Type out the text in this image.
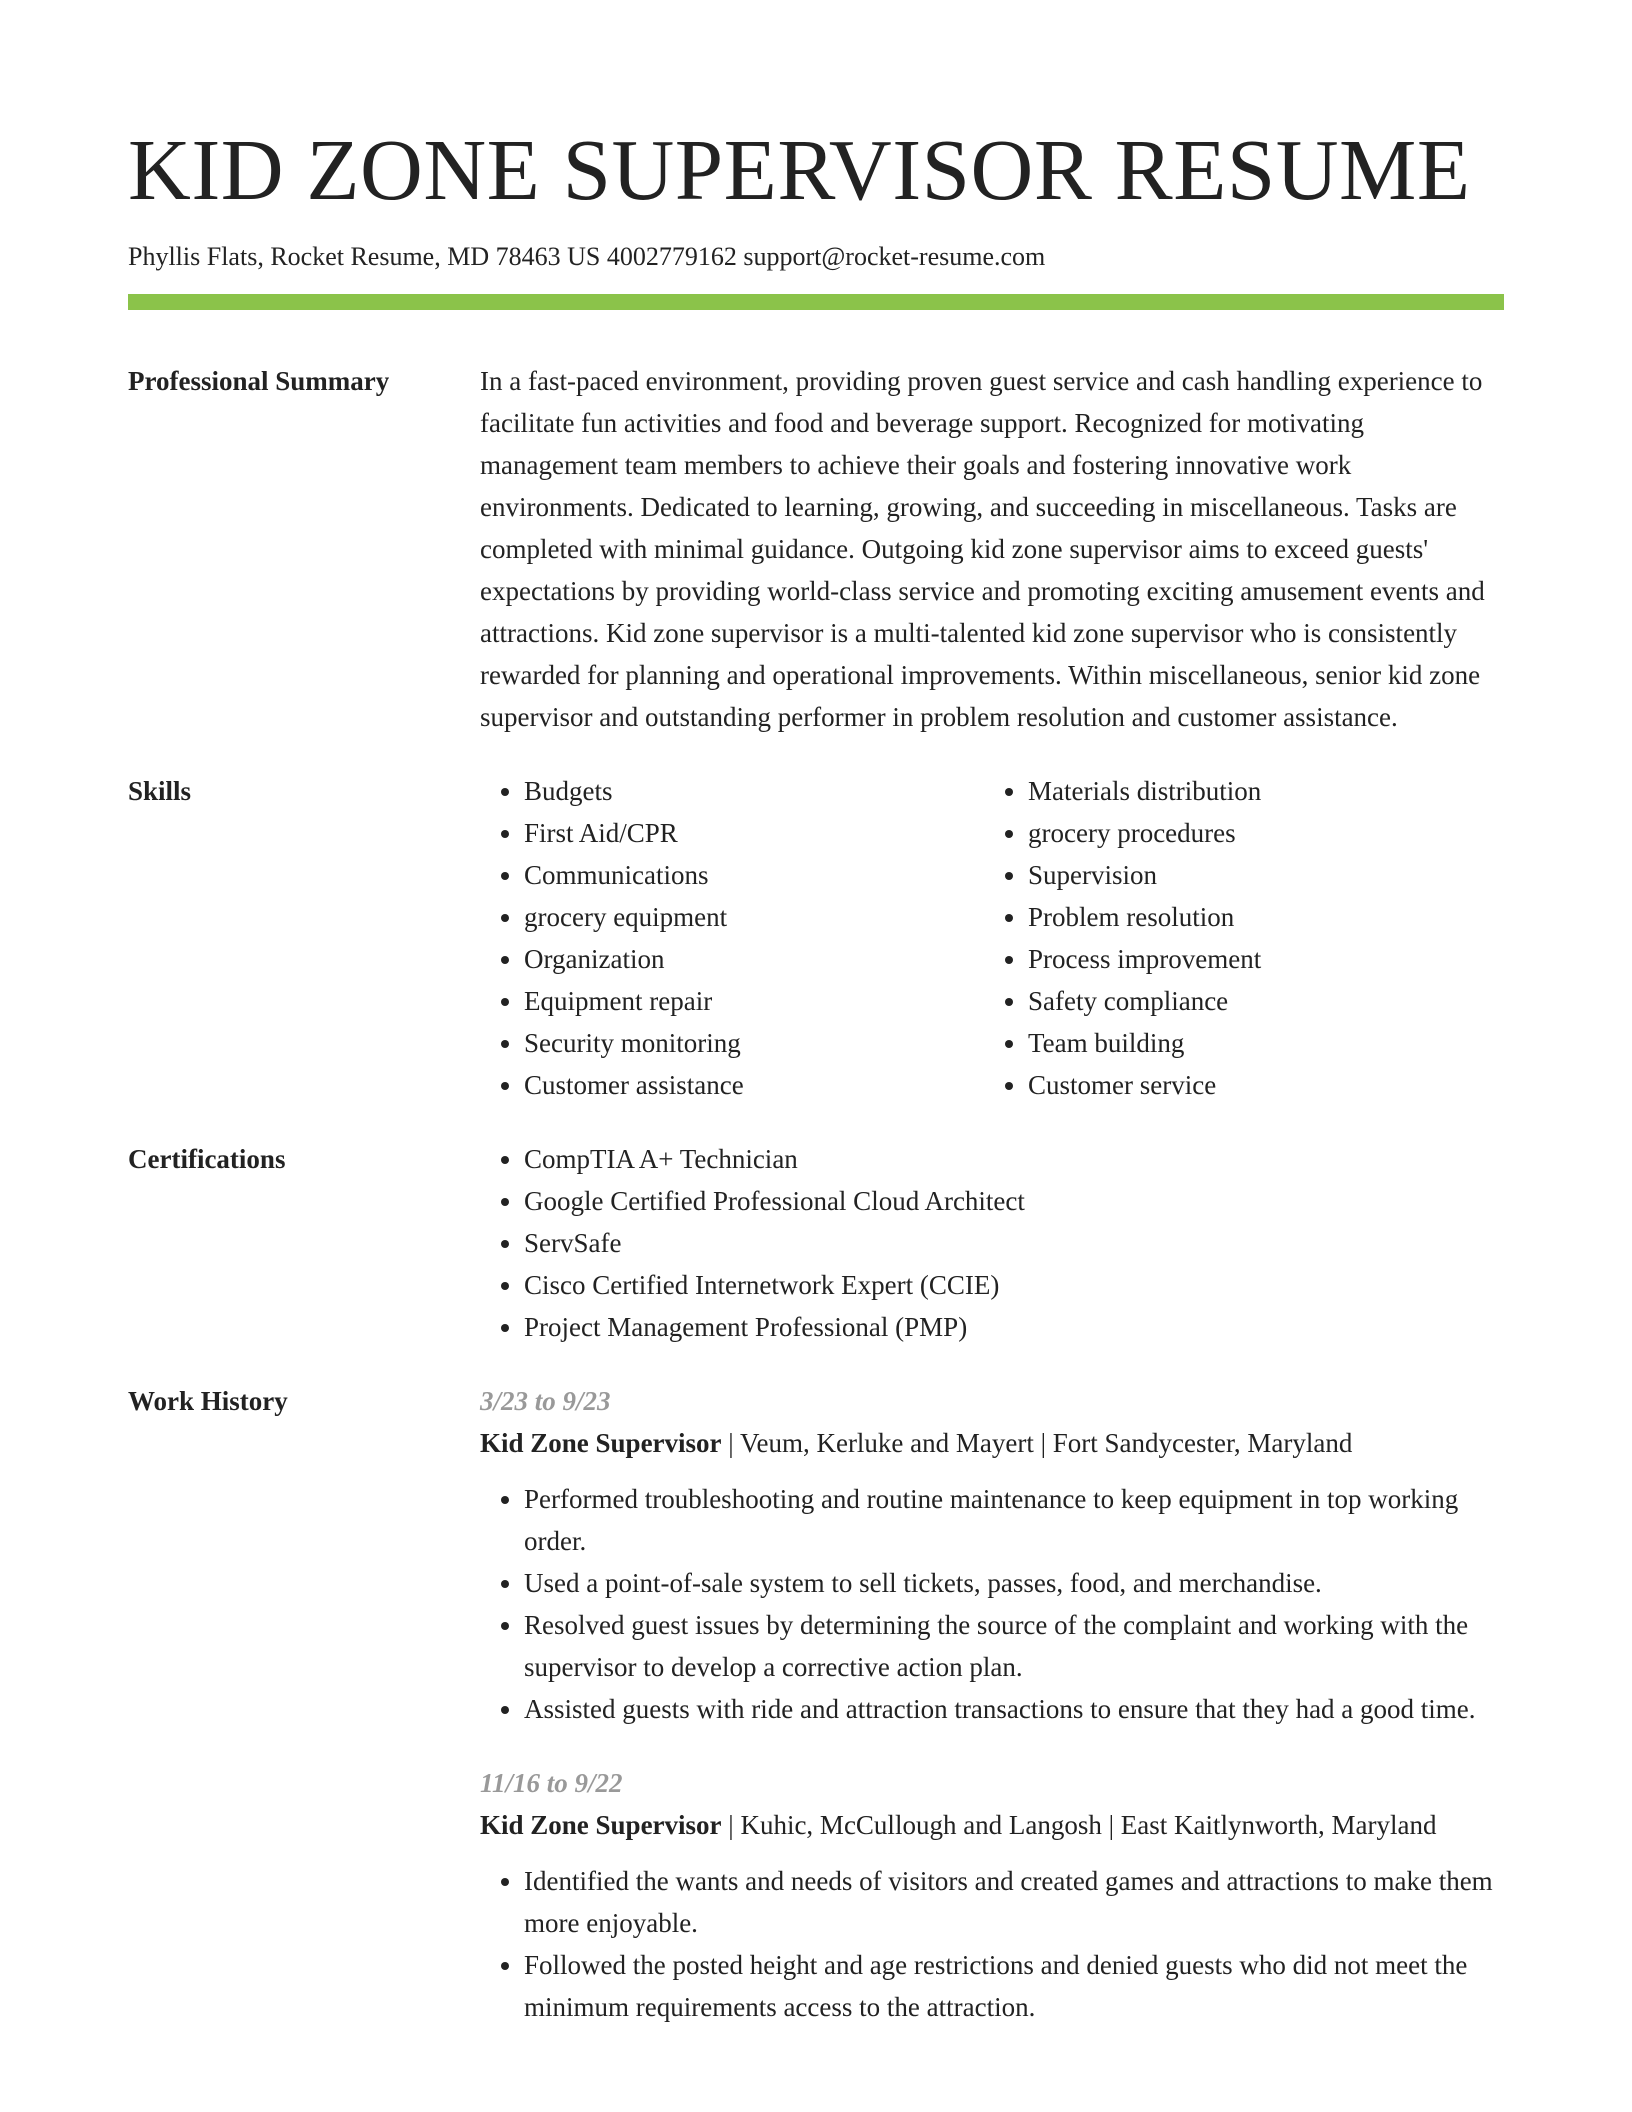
KID ZONE SUPERVISOR RESUME
Phyllis Flats, Rocket Resume, MD 78463 US 4002779162 support@rocket-resume.com
Professional Summary	In a fast-paced environment, providing proven guest service and cash handling experience to facilitate fun activities and food and beverage support. Recognized for motivating management team members to achieve their goals and fostering innovative work environments. Dedicated to learning, growing, and succeeding in miscellaneous. Tasks are completed with minimal guidance. Outgoing kid zone supervisor aims to exceed guests' expectations by providing world-class service and promoting exciting amusement events and attractions. Kid zone supervisor is a multi-talented kid zone supervisor who is consistently rewarded for planning and operational improvements. Within miscellaneous, senior kid zone supervisor and outstanding performer in problem resolution and customer assistance.

Skills	• Budgets
• First Aid/CPR
• Communications
• grocery equipment
• Organization
• Equipment repair
• Security monitoring
• Customer assistance
• Materials distribution
• grocery procedures
• Supervision
• Problem resolution
• Process improvement
• Safety compliance
• Team building
• Customer service
Certifications	• CompTIA A+ Technician
• Google Certified Professional Cloud Architect
• ServSafe
• Cisco Certified Internetwork Expert (CCIE)
• Project Management Professional (PMP)
Work History	3/23 to 9/23
Kid Zone Supervisor | Veum, Kerluke and Mayert | Fort Sandycester, Maryland
• Performed troubleshooting and routine maintenance to keep equipment in top working order.
• Used a point-of-sale system to sell tickets, passes, food, and merchandise.
• Resolved guest issues by determining the source of the complaint and working with the supervisor to develop a corrective action plan.
• Assisted guests with ride and attraction transactions to ensure that they had a good time.
11/16 to 9/22
Kid Zone Supervisor | Kuhic, McCullough and Langosh | East Kaitlynworth, Maryland
• Identified the wants and needs of visitors and created games and attractions to make them more enjoyable.
• Followed the posted height and age restrictions and denied guests who did not meet the minimum requirements access to the attraction.
